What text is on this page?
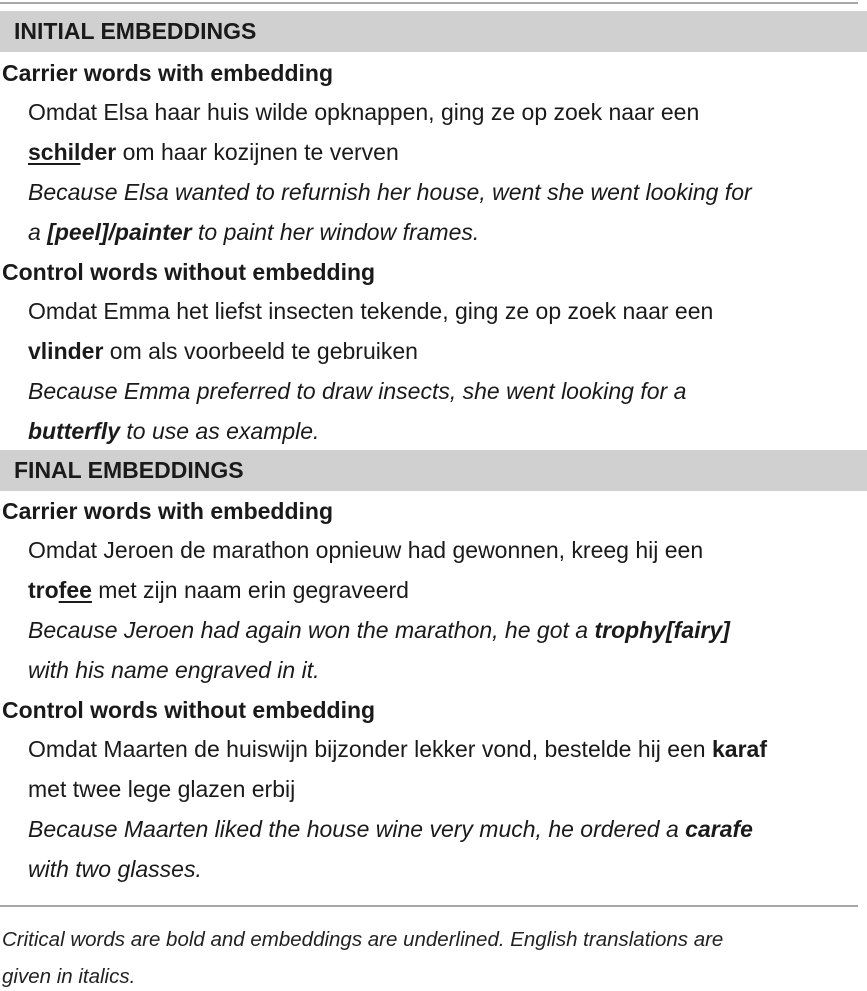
INITIAL EMBEDDINGS
Carrier words with embedding
Omdat Elsa haar huis wilde opknappen, ging ze op zoek naar een
schilder om haar kozijnen te verven
Because Elsa wanted to refurnish her house, went she went looking for
a [peel]/painter to paint her window frames.
Control words without embedding
Omdat Emma het liefst insecten tekende, ging ze op zoek naar een
vlinder om als voorbeeld te gebruiken
Because Emma preferred to draw insects, she went looking for a
butterfly to use as example.
FINAL EMBEDDINGS
Carrier words with embedding
Omdat Jeroen de marathon opnieuw had gewonnen, kreeg hij een
trofee met zijn naam erin gegraveerd
Because Jeroen had again won the marathon, he got a trophy[fairy]
with his name engraved in it.
Control words without embedding
Omdat Maarten de huiswijn bijzonder lekker vond, bestelde hij een karaf
met twee lege glazen erbij
Because Maarten liked the house wine very much, he ordered a carafe
with two glasses.
Critical words are bold and embeddings are underlined. English translations are
given in italics.
